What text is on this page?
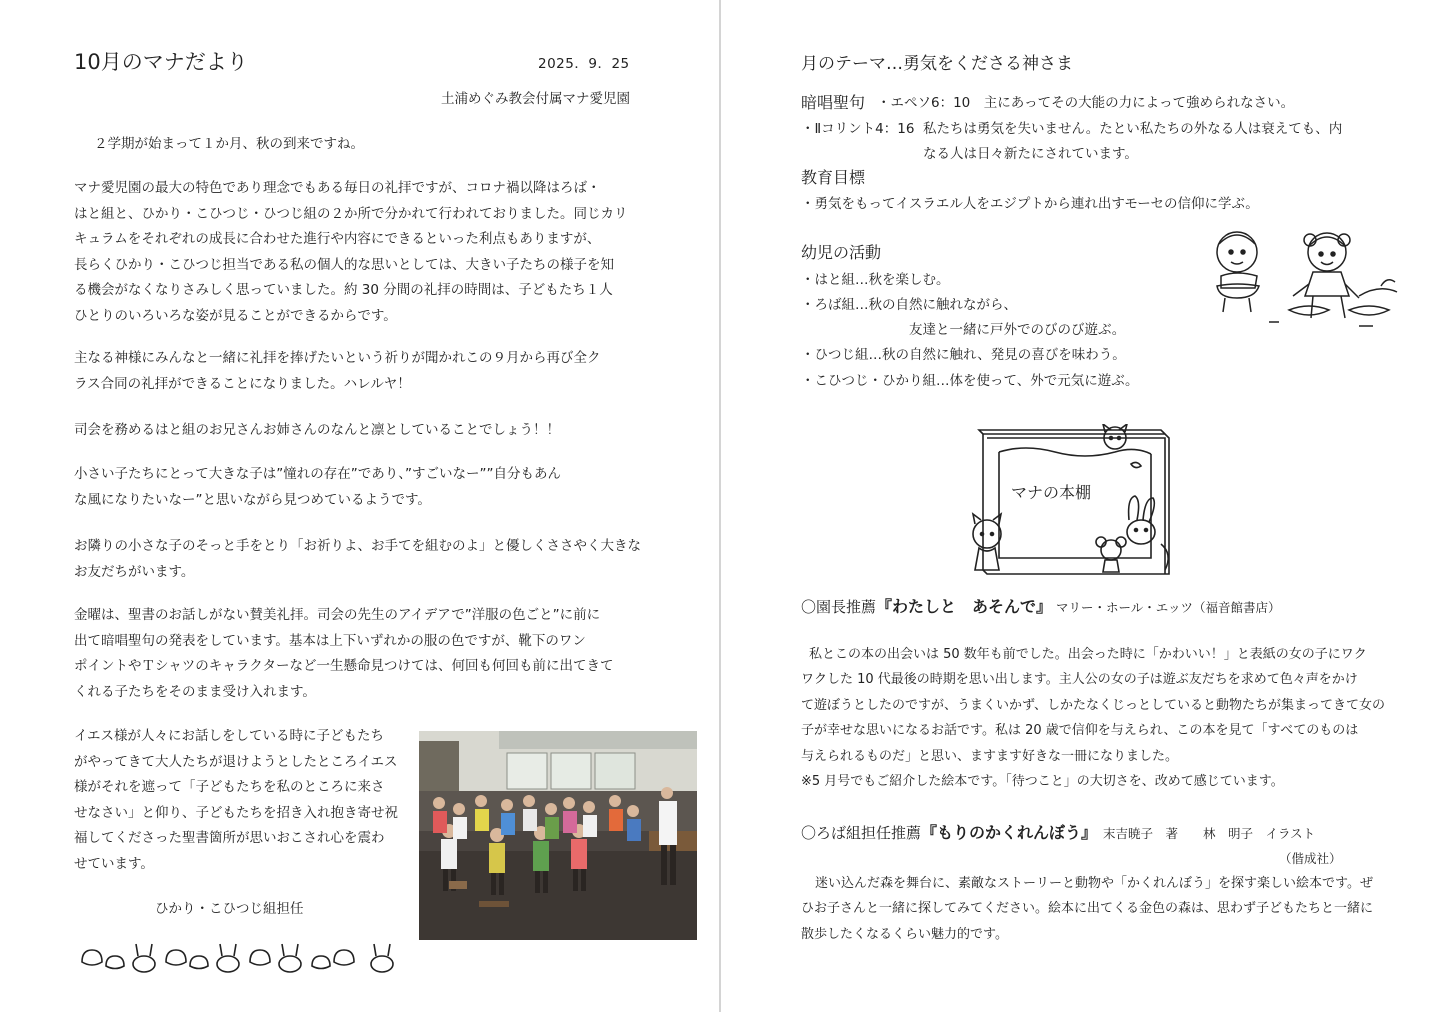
10月のマナだより	2025．9．25
土浦めぐみ教会付属マナ愛児園
２学期が始まって１か月、秋の到来ですね。
マナ愛児園の最大の特色であり理念でもある毎日の礼拝ですが、コロナ禍以降はろば・
はと組と、ひかり・こひつじ・ひつじ組の２か所で分かれて行われておりました。同じカリ
キュラムをそれぞれの成長に合わせた進行や内容にできるといった利点もありますが、
長らくひかり・こひつじ担当である私の個人的な思いとしては、大きい子たちの様子を知
る機会がなくなりさみしく思っていました。約 30 分間の礼拝の時間は、子どもたち１人
ひとりのいろいろな姿が見ることができるからです。
主なる神様にみんなと一緒に礼拝を捧げたいという祈りが聞かれこの９月から再び全ク
ラス合同の礼拝ができることになりました。ハレルヤ！
司会を務めるはと組のお兄さんお姉さんのなんと凛としていることでしょう！！
小さい子たちにとって大きな子は”憧れの存在”であり、”すごいなー””自分もあん
な風になりたいなー”と思いながら見つめているようです。
お隣りの小さな子のそっと手をとり「お祈りよ、お手てを組むのよ」と優しくささやく大きな
お友だちがいます。
金曜は、聖書のお話しがない賛美礼拝。司会の先生のアイデアで”洋服の色ごと”に前に
出て暗唱聖句の発表をしています。基本は上下いずれかの服の色ですが、靴下のワン
ポイントやＴシャツのキャラクターなど一生懸命見つけては、何回も何回も前に出てきて
くれる子たちをそのまま受け入れます。
イエス様が人々にお話しをしている時に子どもたち
がやってきて大人たちが退けようとしたところイエス
様がそれを遮って「子どもたちを私のところに来さ
せなさい」と仰り、子どもたちを招き入れ抱き寄せ祝
福してくださった聖書箇所が思いおこされ心を震わ
せています。
ひかり・こひつじ組担任
月のテーマ…勇気をくださる神さま
暗唱聖句 ・エペソ6：10　主にあってその大能の力によって強められなさい。
・Ⅱコリント4：16 私たちは勇気を失いません。たとい私たちの外なる人は衰えても、内
なる人は日々新たにされています。
教育目標
・勇気をもってイスラエル人をエジプトから連れ出すモーセの信仰に学ぶ。
幼児の活動
・はと組…秋を楽しむ。
・ろば組…秋の自然に触れながら、
友達と一緒に戸外でのびのび遊ぶ。
・ひつじ組…秋の自然に触れ、発見の喜びを味わう。
・こひつじ・ひかり組…体を使って、外で元気に遊ぶ。
マナの本棚
〇園長推薦『わたしと　あそんで』 マリー・ホール・エッツ（福音館書店）
私とこの本の出会いは 50 数年も前でした。出会った時に「かわいい！」と表紙の女の子にワク
ワクした 10 代最後の時期を思い出します。主人公の女の子は遊ぶ友だちを求めて色々声をかけ
て遊ぼうとしたのですが、うまくいかず、しかたなくじっとしていると動物たちが集まってきて女の
子が幸せな思いになるお話です。私は 20 歳で信仰を与えられ、この本を見て「すべてのものは
与えられるものだ」と思い、ますます好きな一冊になりました。
※5 月号でもご紹介した絵本です。「待つこと」の大切さを、改めて感じています。
〇ろば組担任推薦『もりのかくれんぼう』 末吉暁子　著　　林　明子　イラスト
（偕成社）
迷い込んだ森を舞台に、素敵なストーリーと動物や「かくれんぼう」を探す楽しい絵本です。ぜ
ひお子さんと一緒に探してみてください。絵本に出てくる金色の森は、思わず子どもたちと一緒に
散歩したくなるくらい魅力的です。
